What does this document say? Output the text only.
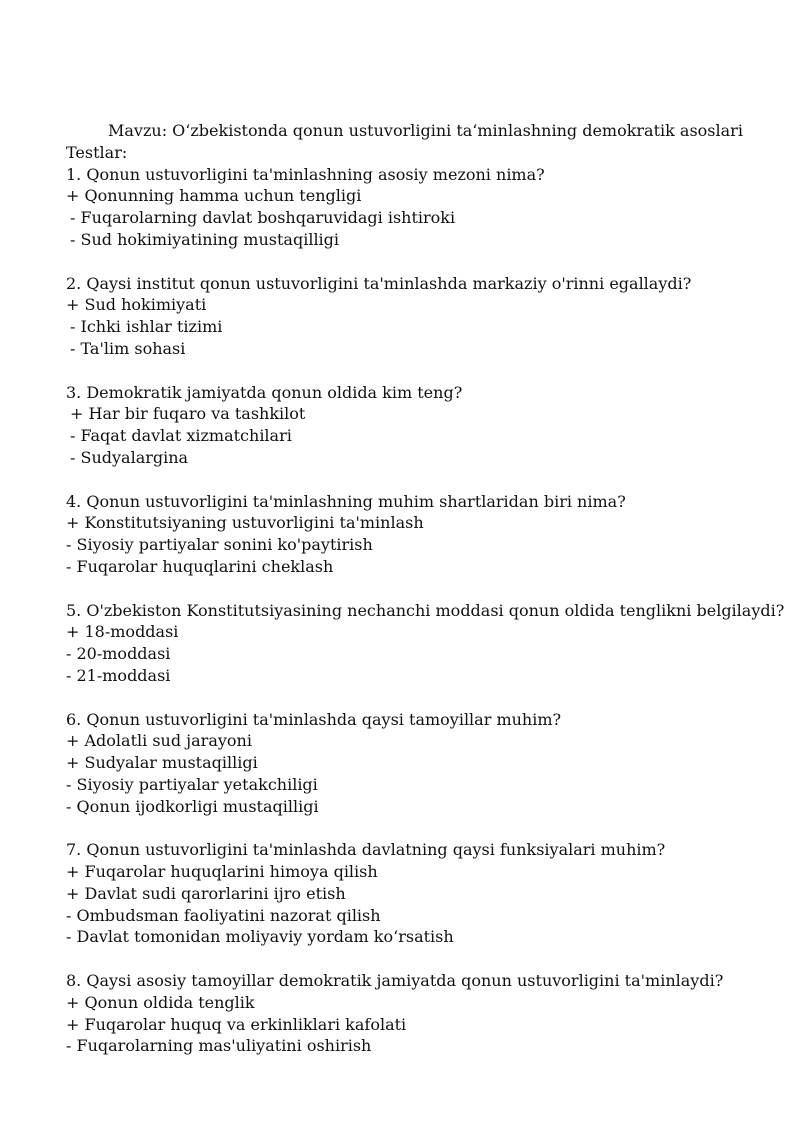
Mavzu: O‘zbekistonda qonun ustuvorligini ta‘minlashning demokratik asoslari
Testlar:
1. Qonun ustuvorligini ta'minlashning asosiy mezoni nima?
+ Qonunning hamma uchun tengligi
- Fuqarolarning davlat boshqaruvidagi ishtiroki
- Sud hokimiyatining mustaqilligi
2. Qaysi institut qonun ustuvorligini ta'minlashda markaziy o'rinni egallaydi?
+ Sud hokimiyati
- Ichki ishlar tizimi
- Ta'lim sohasi
3. Demokratik jamiyatda qonun oldida kim teng?
+ Har bir fuqaro va tashkilot
- Faqat davlat xizmatchilari
- Sudyalargina
4. Qonun ustuvorligini ta'minlashning muhim shartlaridan biri nima?
+ Konstitutsiyaning ustuvorligini ta'minlash
- Siyosiy partiyalar sonini ko'paytirish
- Fuqarolar huquqlarini cheklash
5. O'zbekiston Konstitutsiyasining nechanchi moddasi qonun oldida tenglikni belgilaydi?
+ 18-moddasi
- 20-moddasi
- 21-moddasi
6. Qonun ustuvorligini ta'minlashda qaysi tamoyillar muhim?
+ Adolatli sud jarayoni
+ Sudyalar mustaqilligi
- Siyosiy partiyalar yetakchiligi
- Qonun ijodkorligi mustaqilligi
7. Qonun ustuvorligini ta'minlashda davlatning qaysi funksiyalari muhim?
+ Fuqarolar huquqlarini himoya qilish
+ Davlat sudi qarorlarini ijro etish
- Ombudsman faoliyatini nazorat qilish
- Davlat tomonidan moliyaviy yordam ko‘rsatish
8. Qaysi asosiy tamoyillar demokratik jamiyatda qonun ustuvorligini ta'minlaydi?
+ Qonun oldida tenglik
+ Fuqarolar huquq va erkinliklari kafolati
- Fuqarolarning mas'uliyatini oshirish
